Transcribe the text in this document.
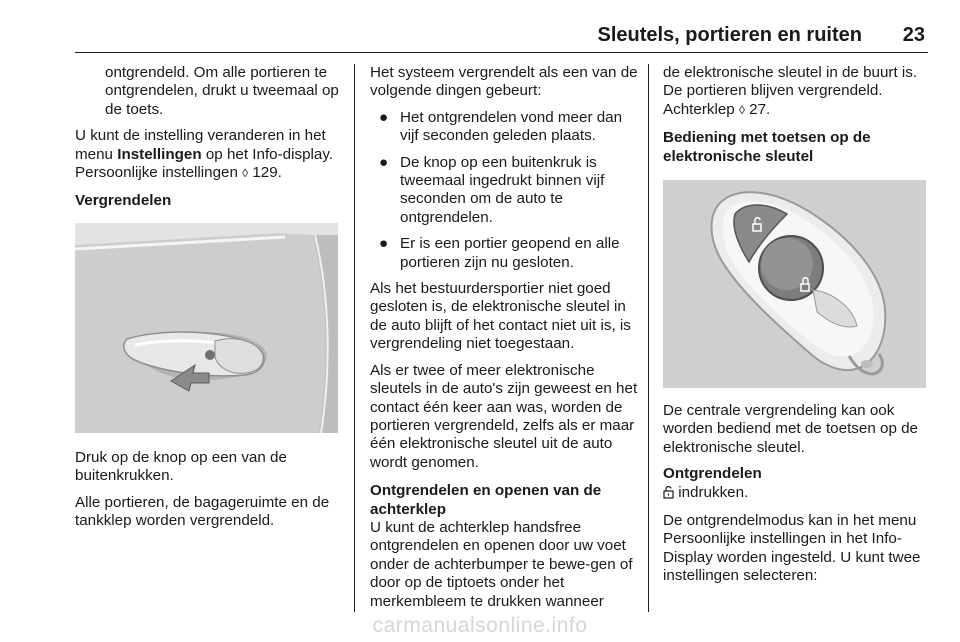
Sleutels, portieren en ruiten	23

ontgrendeld. Om alle portieren te ontgrendelen, drukt u tweemaal op de toets.

U kunt de instelling veranderen in het menu Instellingen op het Info-display. Persoonlijke instellingen ◊ 129.

Vergrendelen

Druk op de knop op een van de buitenkrukken.

Alle portieren, de bagageruimte en de tankklep worden vergrendeld.

Het systeem vergrendelt als een van de volgende dingen gebeurt:

● Het ontgrendelen vond meer dan vijf seconden geleden plaats.
● De knop op een buitenkruk is tweemaal ingedrukt binnen vijf seconden om de auto te ontgrendelen.
● Er is een portier geopend en alle portieren zijn nu gesloten.

Als het bestuurdersportier niet goed gesloten is, de elektronische sleutel in de auto blijft of het contact niet uit is, is vergrendeling niet toegestaan.

Als er twee of meer elektronische sleutels in de auto's zijn geweest en het contact één keer aan was, worden de portieren vergrendeld, zelfs als er maar één elektronische sleutel uit de auto wordt genomen.

Ontgrendelen en openen van de achterklep

U kunt de achterklep handsfree ontgrendelen en openen door uw voet onder de achterbumper te bewe-gen of door op de tiptoets onder het merkembleem te drukken wanneer

de elektronische sleutel in de buurt is. De portieren blijven vergrendeld. Achterklep ◊ 27.

Bediening met toetsen op de elektronische sleutel

De centrale vergrendeling kan ook worden bediend met de toetsen op de elektronische sleutel.

Ontgrendelen

indrukken.

De ontgrendelmodus kan in het menu Persoonlijke instellingen in het Info-Display worden ingesteld. U kunt twee instellingen selecteren:

carmanualsonline.info
